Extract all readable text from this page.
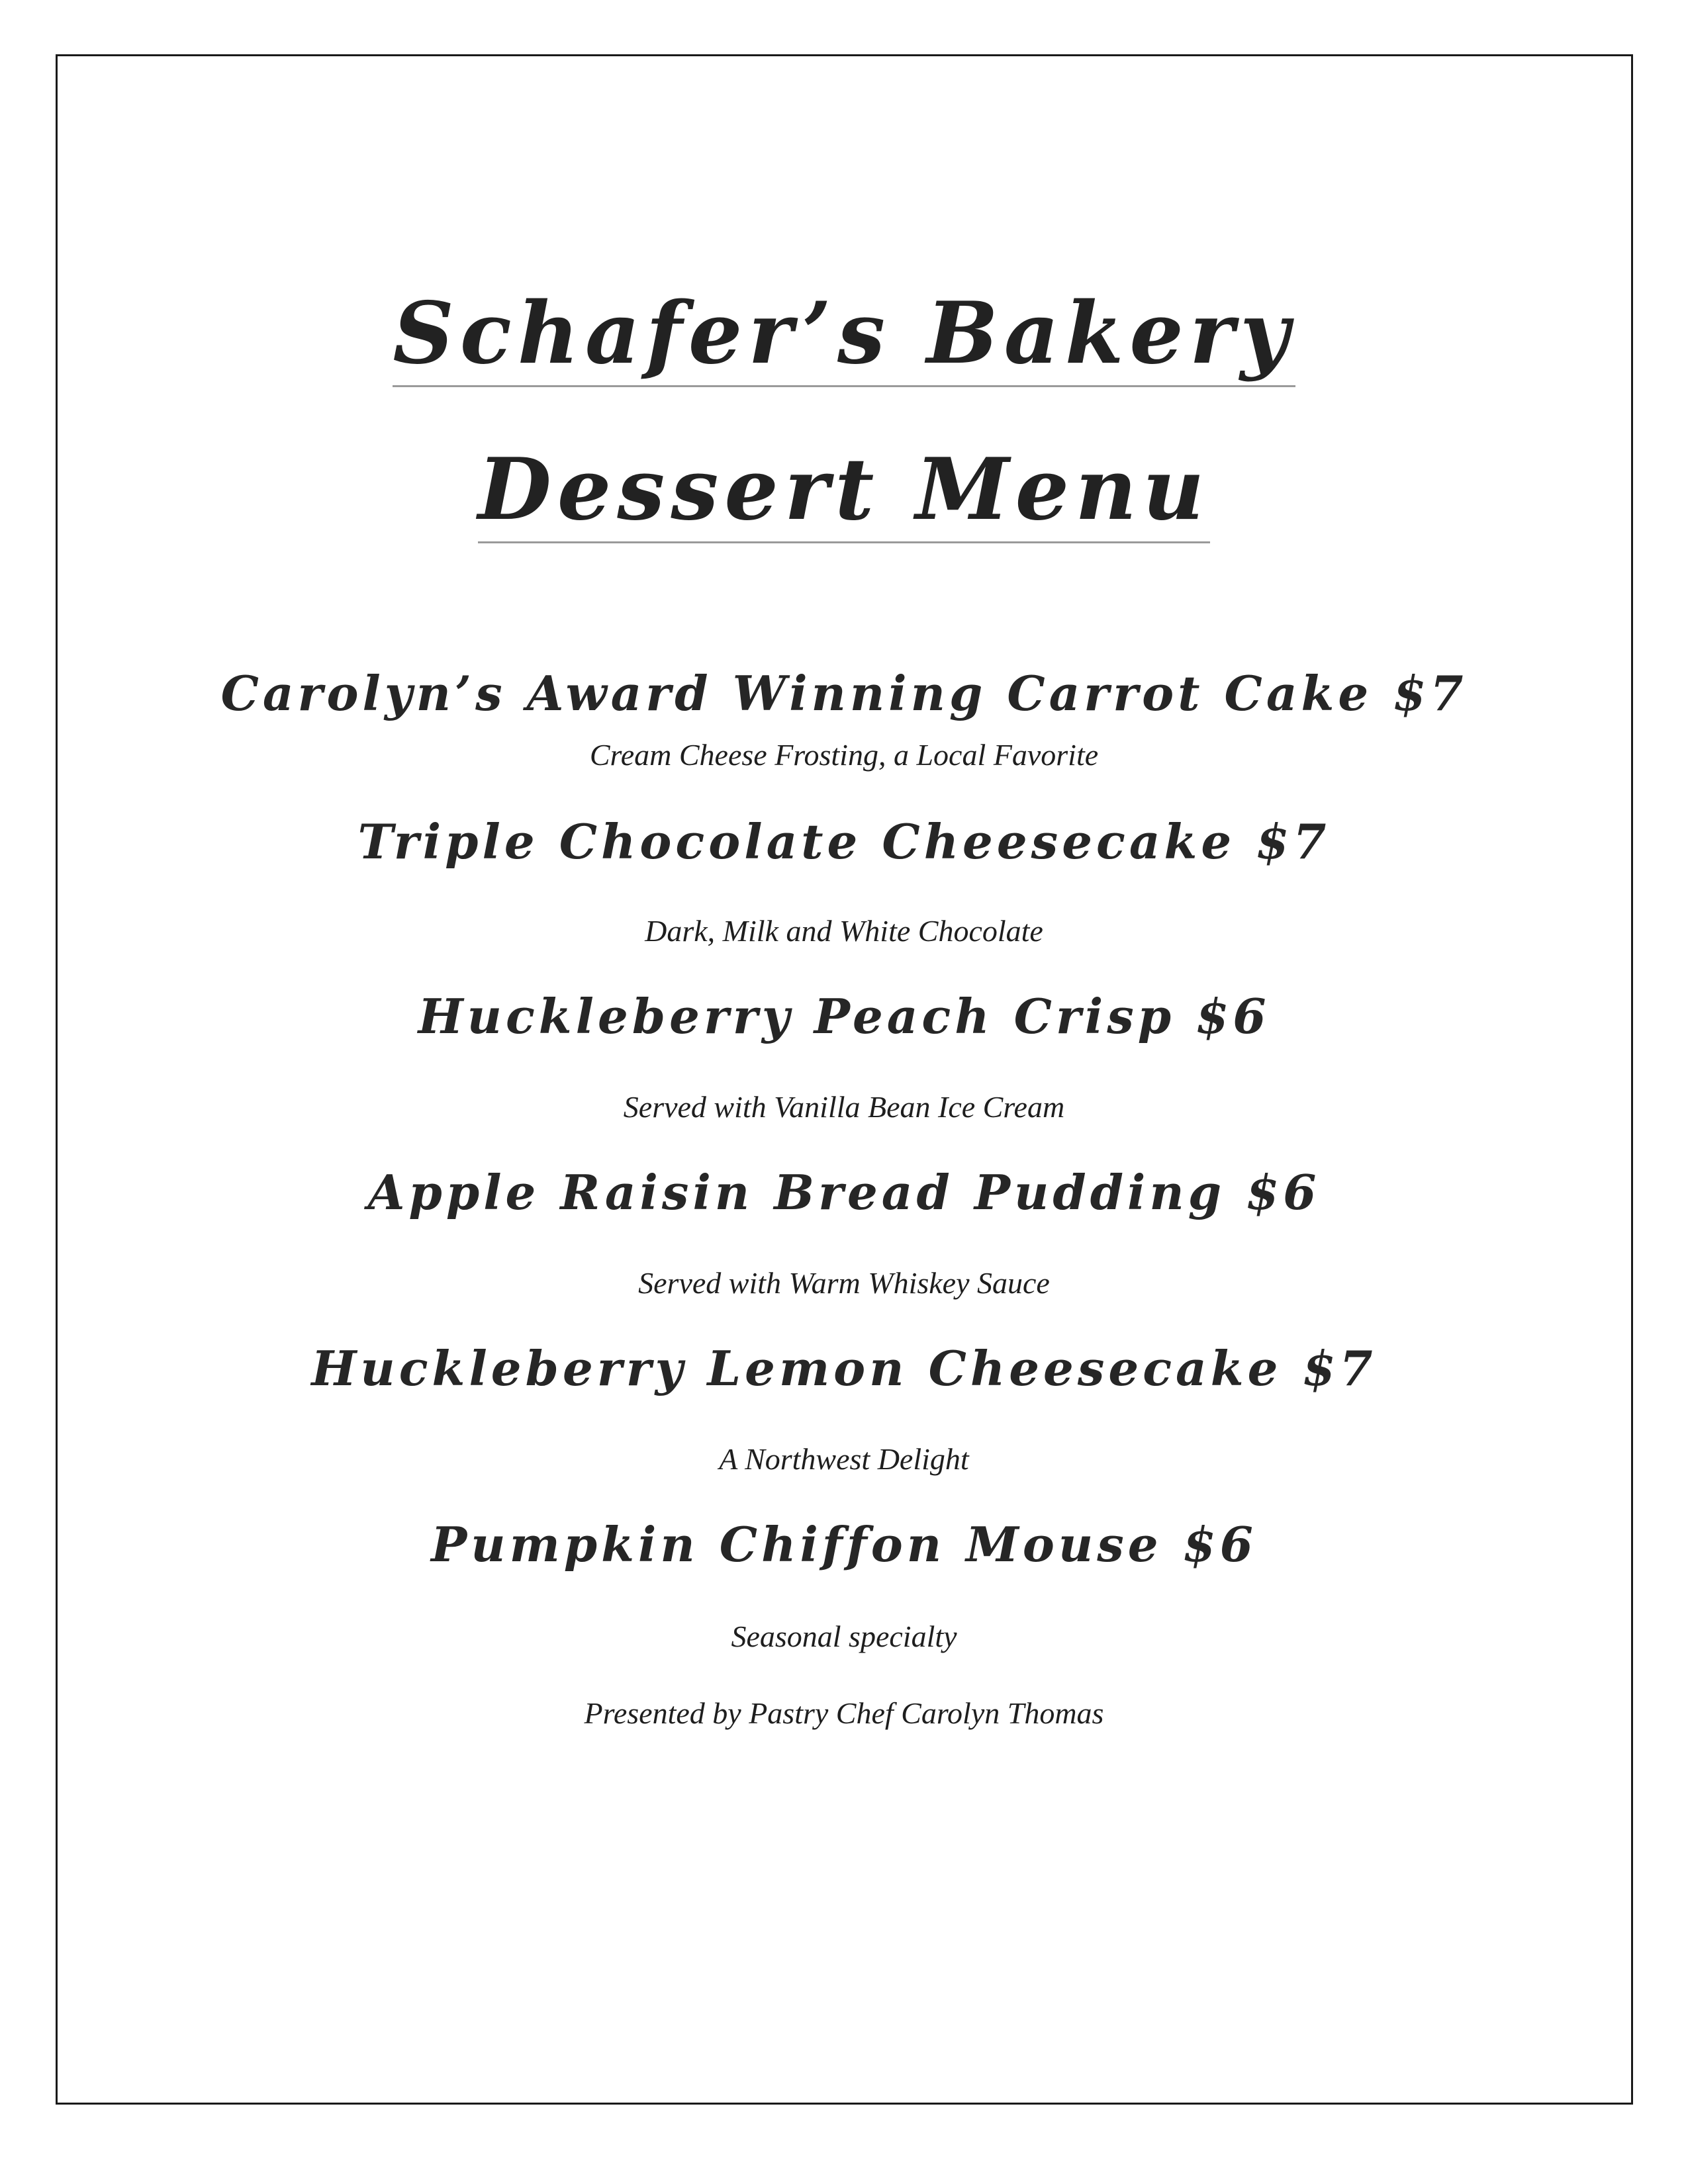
Schafer’s Bakery
Dessert Menu
Carolyn’s Award Winning Carrot Cake $7
Cream Cheese Frosting, a Local Favorite
Triple Chocolate Cheesecake $7
Dark, Milk and White Chocolate
Huckleberry Peach Crisp $6
Served with Vanilla Bean Ice Cream
Apple Raisin Bread Pudding $6
Served with Warm Whiskey Sauce
Huckleberry Lemon Cheesecake $7
A Northwest Delight
Pumpkin Chiffon Mouse $6
Seasonal specialty
Presented by Pastry Chef Carolyn Thomas
